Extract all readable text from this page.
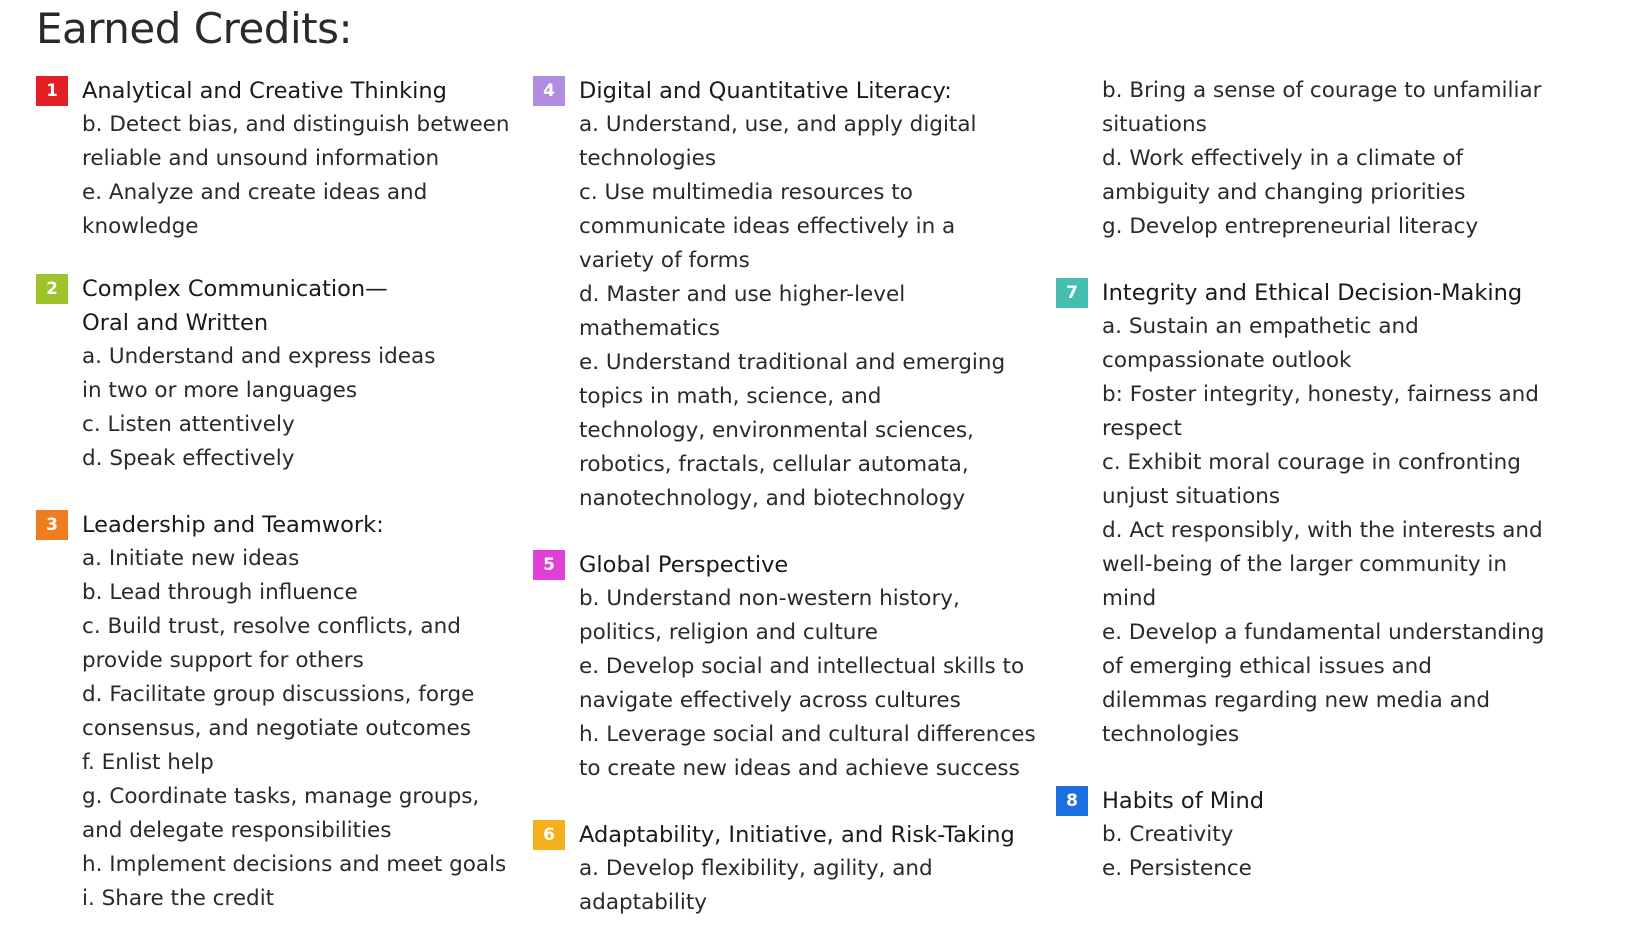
Earned Credits:
1	Analytical and Creative Thinking
b. Detect bias, and distinguish between
reliable and unsound information
e. Analyze and create ideas and
knowledge
2	Complex Communication—
Oral and Written
a. Understand and express ideas
in two or more languages
c. Listen attentively
d. Speak effectively
3	Leadership and Teamwork:
a. Initiate new ideas
b. Lead through influence
c. Build trust, resolve conflicts, and
provide support for others
d. Facilitate group discussions, forge
consensus, and negotiate outcomes
f. Enlist help
g. Coordinate tasks, manage groups,
and delegate responsibilities
h. Implement decisions and meet goals
i. Share the credit
4	Digital and Quantitative Literacy:
a. Understand, use, and apply digital
technologies
c. Use multimedia resources to
communicate ideas effectively in a
variety of forms
d. Master and use higher-level
mathematics
e. Understand traditional and emerging
topics in math, science, and
technology, environmental sciences,
robotics, fractals, cellular automata,
nanotechnology, and biotechnology
5	Global Perspective
b. Understand non-western history,
politics, religion and culture
e. Develop social and intellectual skills to
navigate effectively across cultures
h. Leverage social and cultural differences
to create new ideas and achieve success
6	Adaptability, Initiative, and Risk-Taking
a. Develop flexibility, agility, and
adaptability
b. Bring a sense of courage to unfamiliar
situations
d. Work effectively in a climate of
ambiguity and changing priorities
g. Develop entrepreneurial literacy
7	Integrity and Ethical Decision-Making
a. Sustain an empathetic and
compassionate outlook
b: Foster integrity, honesty, fairness and
respect
c. Exhibit moral courage in confronting
unjust situations
d. Act responsibly, with the interests and
well-being of the larger community in
mind
e. Develop a fundamental understanding
of emerging ethical issues and
dilemmas regarding new media and
technologies
8	Habits of Mind
b. Creativity
e. Persistence
